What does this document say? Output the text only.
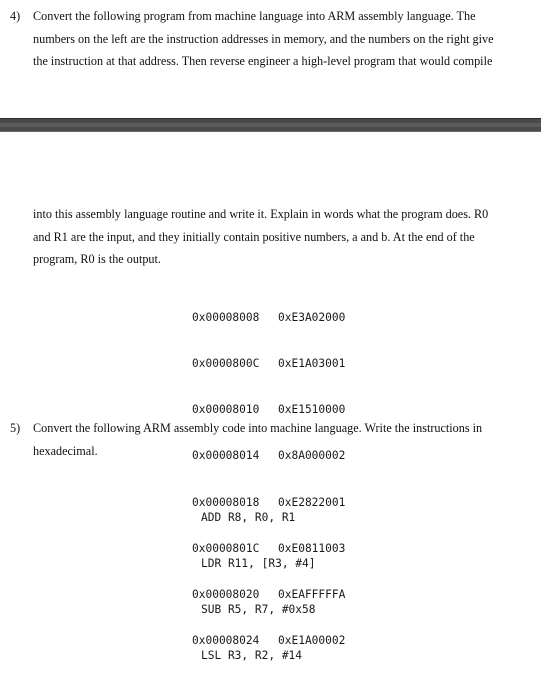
4) Convert the following program from machine language into ARM assembly language. The
numbers on the left are the instruction addresses in memory, and the numbers on the right give
the instruction at that address. Then reverse engineer a high-level program that would compile
into this assembly language routine and write it. Explain in words what the program does. R0
and R1 are the input, and they initially contain positive numbers, a and b. At the end of the
program, R0 is the output.

0x00008008 0xE3A02000

0x0000800C 0xE1A03001

0x00008010 0xE1510000

0x00008014 0x8A000002

0x00008018 0xE2822001

0x0000801C 0xE0811003

0x00008020 0xEAFFFFFA

0x00008024 0xE1A00002

5) Convert the following ARM assembly code into machine language. Write the instructions in
hexadecimal.

ADD R8, R0, R1

LDR R11, [R3, #4]

SUB R5, R7, #0x58

LSL R3, R2, #14
